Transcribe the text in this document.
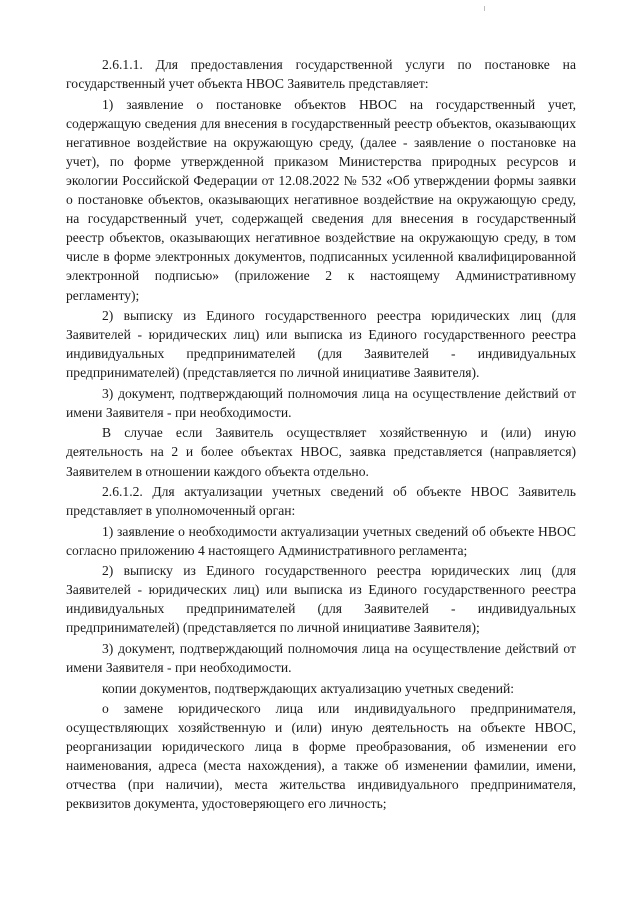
2.6.1.1. Для предоставления государственной услуги по постановке на государственный учет объекта НВОС Заявитель представляет:

1) заявление о постановке объектов НВОС на государственный учет, содержащую сведения для внесения в государственный реестр объектов, оказывающих негативное воздействие на окружающую среду, (далее - заявление о постановке на учет), по форме утвержденной приказом Министерства природных ресурсов и экологии Российской Федерации от 12.08.2022 № 532 «Об утверждении формы заявки о постановке объектов, оказывающих негативное воздействие на окружающую среду, на государственный учет, содержащей сведения для внесения в государственный реестр объектов, оказывающих негативное воздействие на окружающую среду, в том числе в форме электронных документов, подписанных усиленной квалифицированной электронной подписью» (приложение 2 к настоящему Административному регламенту);

2) выписку из Единого государственного реестра юридических лиц (для Заявителей - юридических лиц) или выписка из Единого государственного реестра индивидуальных предпринимателей (для Заявителей - индивидуальных предпринимателей) (представляется по личной инициативе Заявителя).

3) документ, подтверждающий полномочия лица на осуществление действий от имени Заявителя - при необходимости.

В случае если Заявитель осуществляет хозяйственную и (или) иную деятельность на 2 и более объектах НВОС, заявка представляется (направляется) Заявителем в отношении каждого объекта отдельно.

2.6.1.2. Для актуализации учетных сведений об объекте НВОС Заявитель представляет в уполномоченный орган:

1) заявление о необходимости актуализации учетных сведений об объекте НВОС согласно приложению 4 настоящего Административного регламента;

2) выписку из Единого государственного реестра юридических лиц (для Заявителей - юридических лиц) или выписка из Единого государственного реестра индивидуальных предпринимателей (для Заявителей - индивидуальных предпринимателей) (представляется по личной инициативе Заявителя);

3) документ, подтверждающий полномочия лица на осуществление действий от имени Заявителя - при необходимости.

копии документов, подтверждающих актуализацию учетных сведений:

о замене юридического лица или индивидуального предпринимателя, осуществляющих хозяйственную и (или) иную деятельность на объекте НВОС, реорганизации юридического лица в форме преобразования, об изменении его наименования, адреса (места нахождения), а также об изменении фамилии, имени, отчества (при наличии), места жительства индивидуального предпринимателя, реквизитов документа, удостоверяющего его личность;
